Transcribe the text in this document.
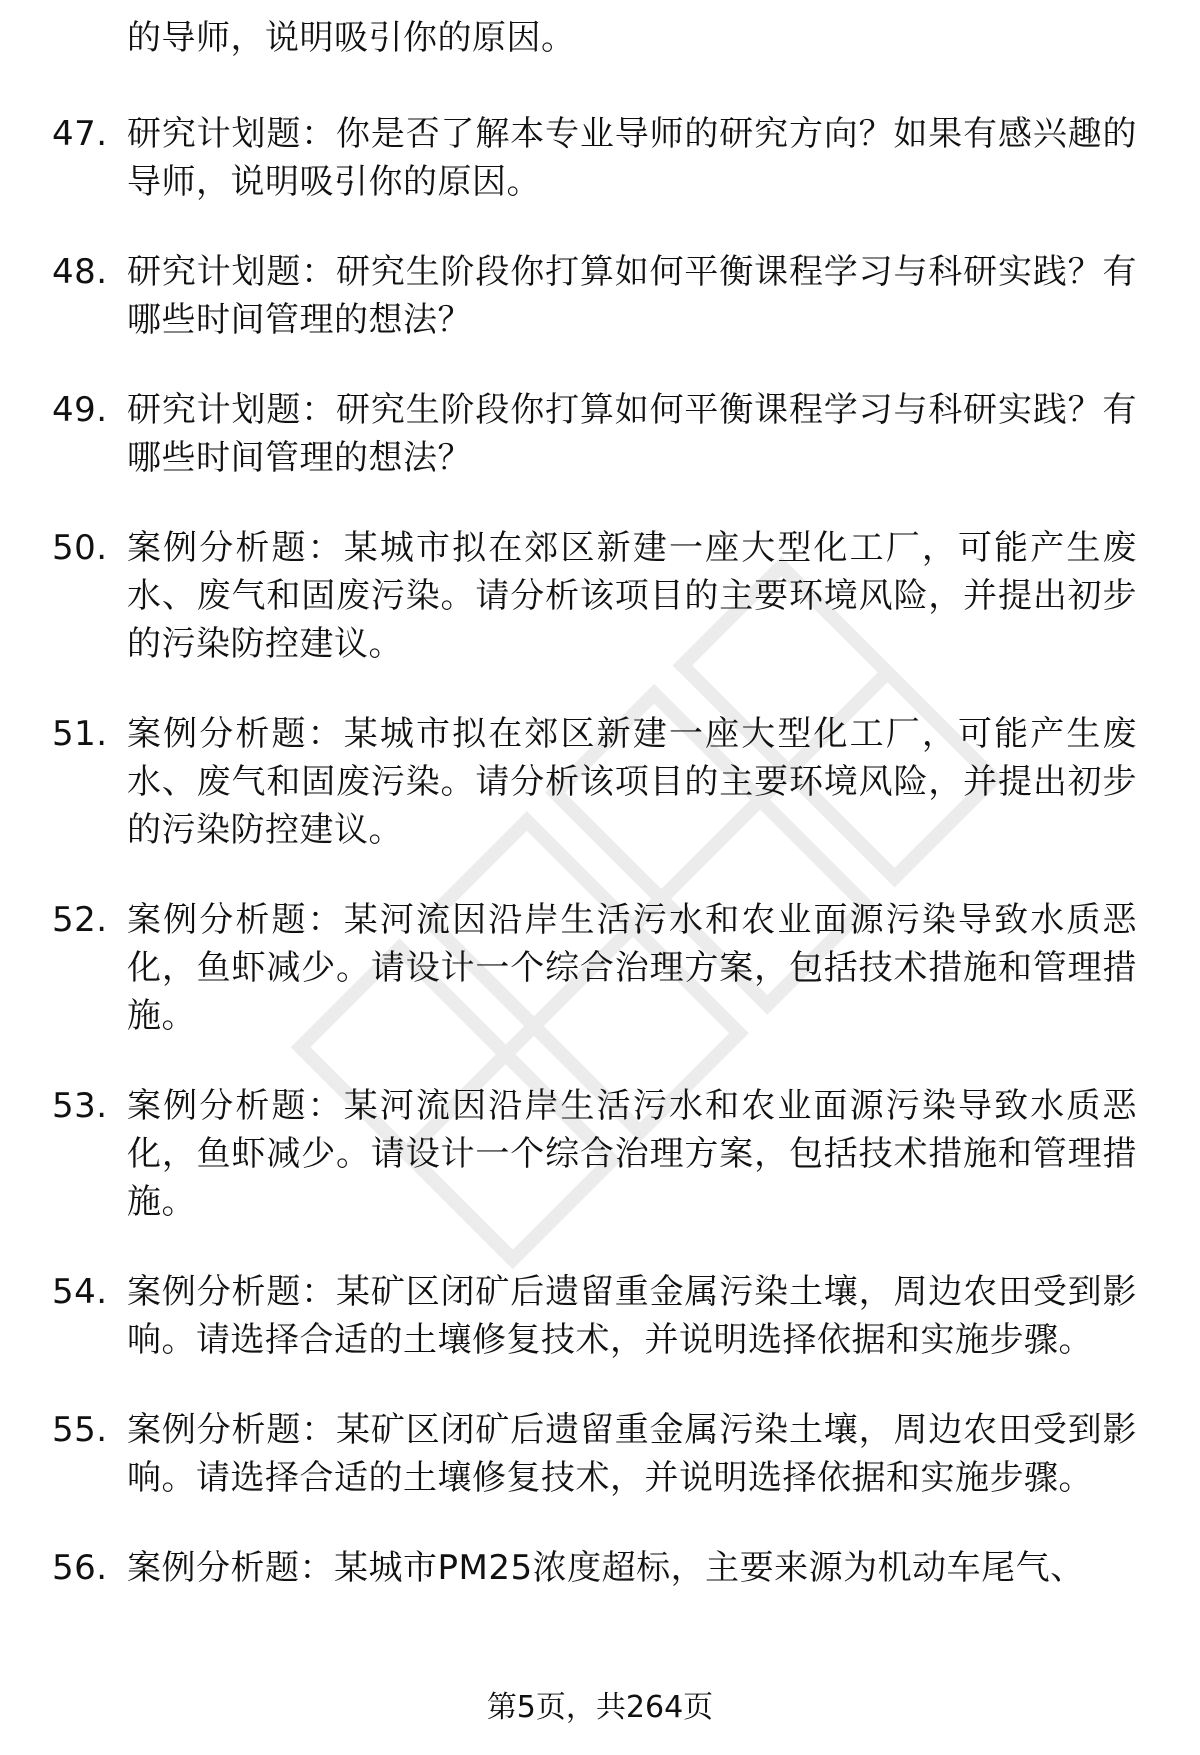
的导师，说明吸引你的原因。
47. 研究计划题：你是否了解本专业导师的研究方向？如果有感兴趣的导师，说明吸引你的原因。
48. 研究计划题：研究生阶段你打算如何平衡课程学习与科研实践？有哪些时间管理的想法？
49. 研究计划题：研究生阶段你打算如何平衡课程学习与科研实践？有哪些时间管理的想法？
50. 案例分析题：某城市拟在郊区新建一座大型化工厂，可能产生废水、废气和固废污染。请分析该项目的主要环境风险，并提出初步的污染防控建议。
51. 案例分析题：某城市拟在郊区新建一座大型化工厂，可能产生废水、废气和固废污染。请分析该项目的主要环境风险，并提出初步的污染防控建议。
52. 案例分析题：某河流因沿岸生活污水和农业面源污染导致水质恶化，鱼虾减少。请设计一个综合治理方案，包括技术措施和管理措施。
53. 案例分析题：某河流因沿岸生活污水和农业面源污染导致水质恶化，鱼虾减少。请设计一个综合治理方案，包括技术措施和管理措施。
54. 案例分析题：某矿区闭矿后遗留重金属污染土壤，周边农田受到影响。请选择合适的土壤修复技术，并说明选择依据和实施步骤。
55. 案例分析题：某矿区闭矿后遗留重金属污染土壤，周边农田受到影响。请选择合适的土壤修复技术，并说明选择依据和实施步骤。
56. 案例分析题：某城市PM25浓度超标，主要来源为机动车尾气、
第5页，共264页
